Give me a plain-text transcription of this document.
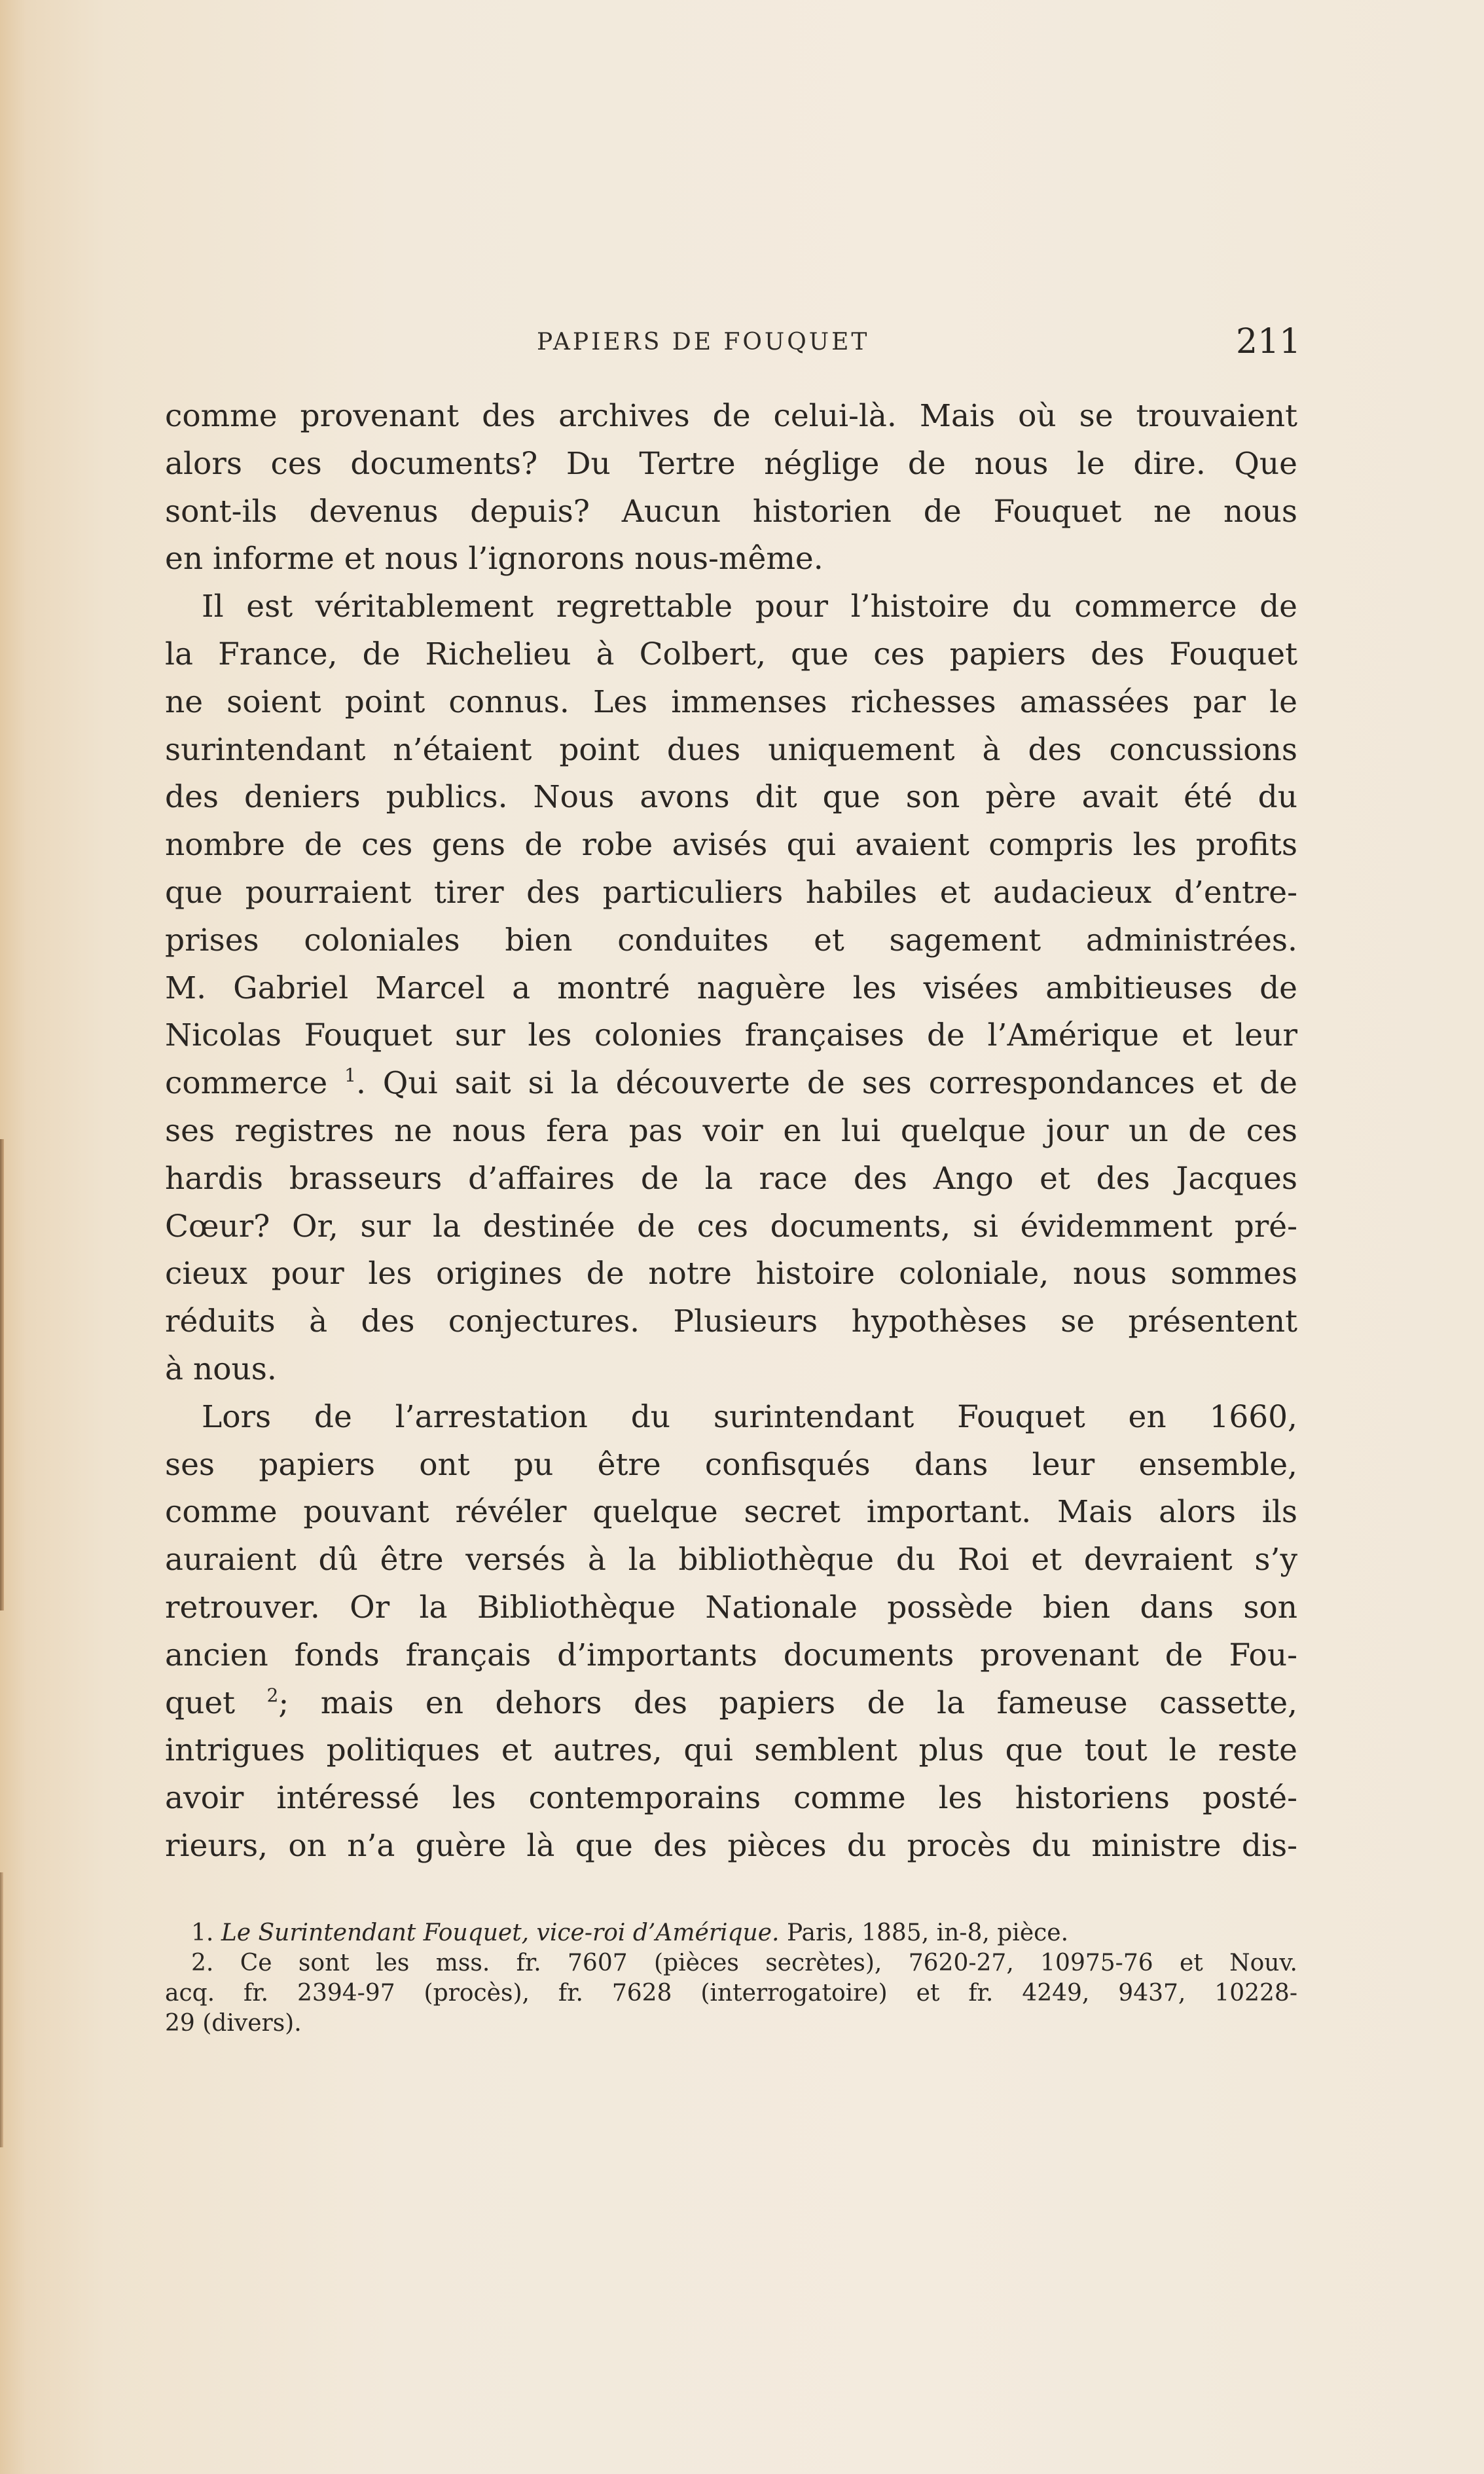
PAPIERS DE FOUQUET	211
comme provenant des archives de celui-là. Mais où se trouvaient
alors ces documents? Du Tertre néglige de nous le dire. Que
sont-ils devenus depuis? Aucun historien de Fouquet ne nous
en informe et nous l’ignorons nous-même.
Il est véritablement regrettable pour l’histoire du commerce de
la France, de Richelieu à Colbert, que ces papiers des Fouquet
ne soient point connus. Les immenses richesses amassées par le
surintendant n’étaient point dues uniquement à des concussions
des deniers publics. Nous avons dit que son père avait été du
nombre de ces gens de robe avisés qui avaient compris les profits
que pourraient tirer des particuliers habiles et audacieux d’entre-
prises coloniales bien conduites et sagement administrées.
M. Gabriel Marcel a montré naguère les visées ambitieuses de
Nicolas Fouquet sur les colonies françaises de l’Amérique et leur
commerce $^1$. Qui sait si la découverte de ses correspondances et de
ses registres ne nous fera pas voir en lui quelque jour un de ces
hardis brasseurs d’affaires de la race des Ango et des Jacques
Cœur? Or, sur la destinée de ces documents, si évidemment pré-
cieux pour les origines de notre histoire coloniale, nous sommes
réduits à des conjectures. Plusieurs hypothèses se présentent
à nous.
Lors de l’arrestation du surintendant Fouquet en 1660,
ses papiers ont pu être confisqués dans leur ensemble,
comme pouvant révéler quelque secret important. Mais alors ils
auraient dû être versés à la bibliothèque du Roi et devraient s’y
retrouver. Or la Bibliothèque Nationale possède bien dans son
ancien fonds français d’importants documents provenant de Fou-
quet $^2$; mais en dehors des papiers de la fameuse cassette,
intrigues politiques et autres, qui semblent plus que tout le reste
avoir intéressé les contemporains comme les historiens posté-
rieurs, on n’a guère là que des pièces du procès du ministre dis-
1. Le Surintendant Fouquet, vice-roi d’Amérique. Paris, 1885, in-8, pièce.
2. Ce sont les mss. fr. 7607 (pièces secrètes), 7620-27, 10975-76 et Nouv.
acq. fr. 2394-97 (procès), fr. 7628 (interrogatoire) et fr. 4249, 9437, 10228-
29 (divers).
